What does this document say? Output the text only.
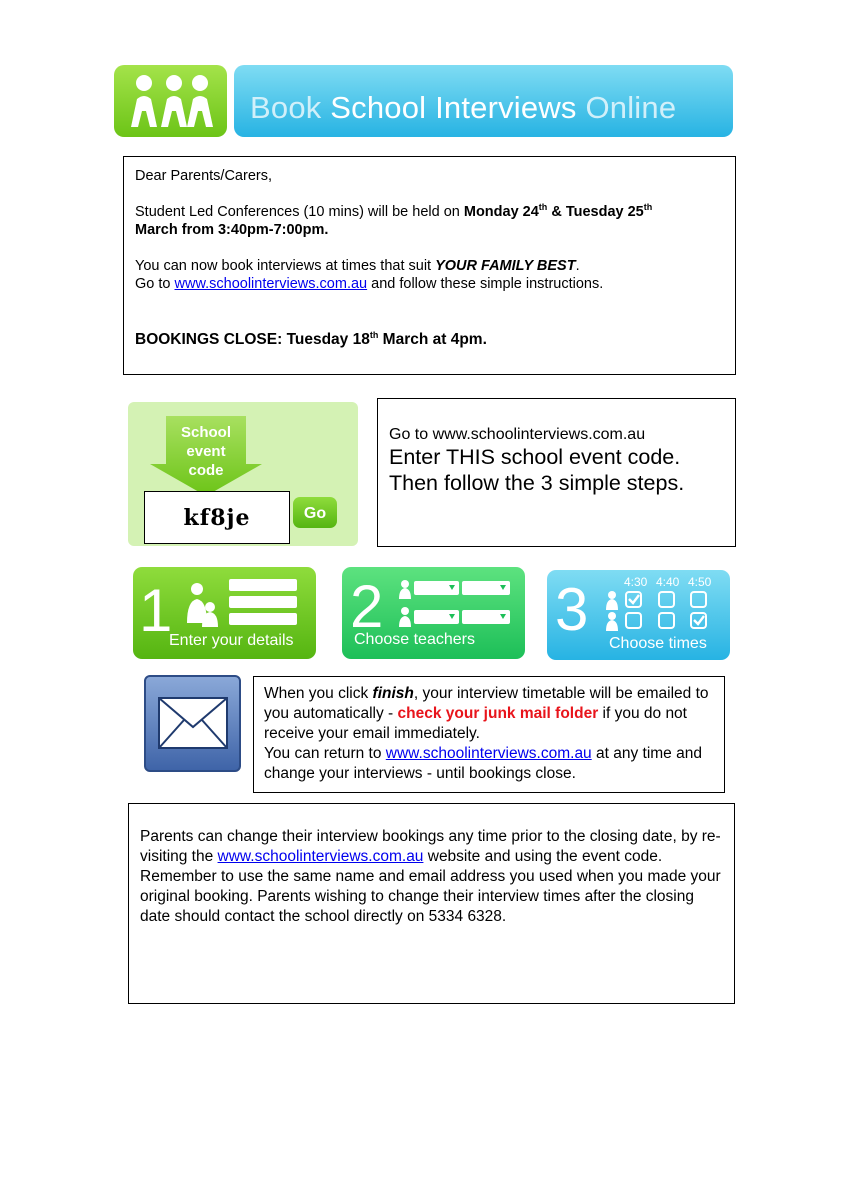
Book School Interviews Online

Dear Parents/Carers,

Student Led Conferences (10 mins) will be held on Monday 24th & Tuesday 25th
March from 3:40pm-7:00pm.

You can now book interviews at times that suit YOUR FAMILY BEST.
Go to www.schoolinterviews.com.au and follow these simple instructions.

BOOKINGS CLOSE: Tuesday 18th March at 4pm.

School
event
code
kf8je	Go
Go to www.schoolinterviews.com.au
Enter THIS school event code.
Then follow the 3 simple steps.
1
Enter your details
2
Choose teachers 3	4:30 4:40 4:50
Choose times
When you click finish, your interview timetable will be emailed to you automatically - check your junk mail folder if you do not receive your email immediately.
You can return to www.schoolinterviews.com.au at any time and change your interviews - until bookings close.
Parents can change their interview bookings any time prior to the closing date, by re-visiting the www.schoolinterviews.com.au website and using the event code. Remember to use the same name and email address you used when you made your original booking. Parents wishing to change their interview times after the closing date should contact the school directly on 5334 6328.
